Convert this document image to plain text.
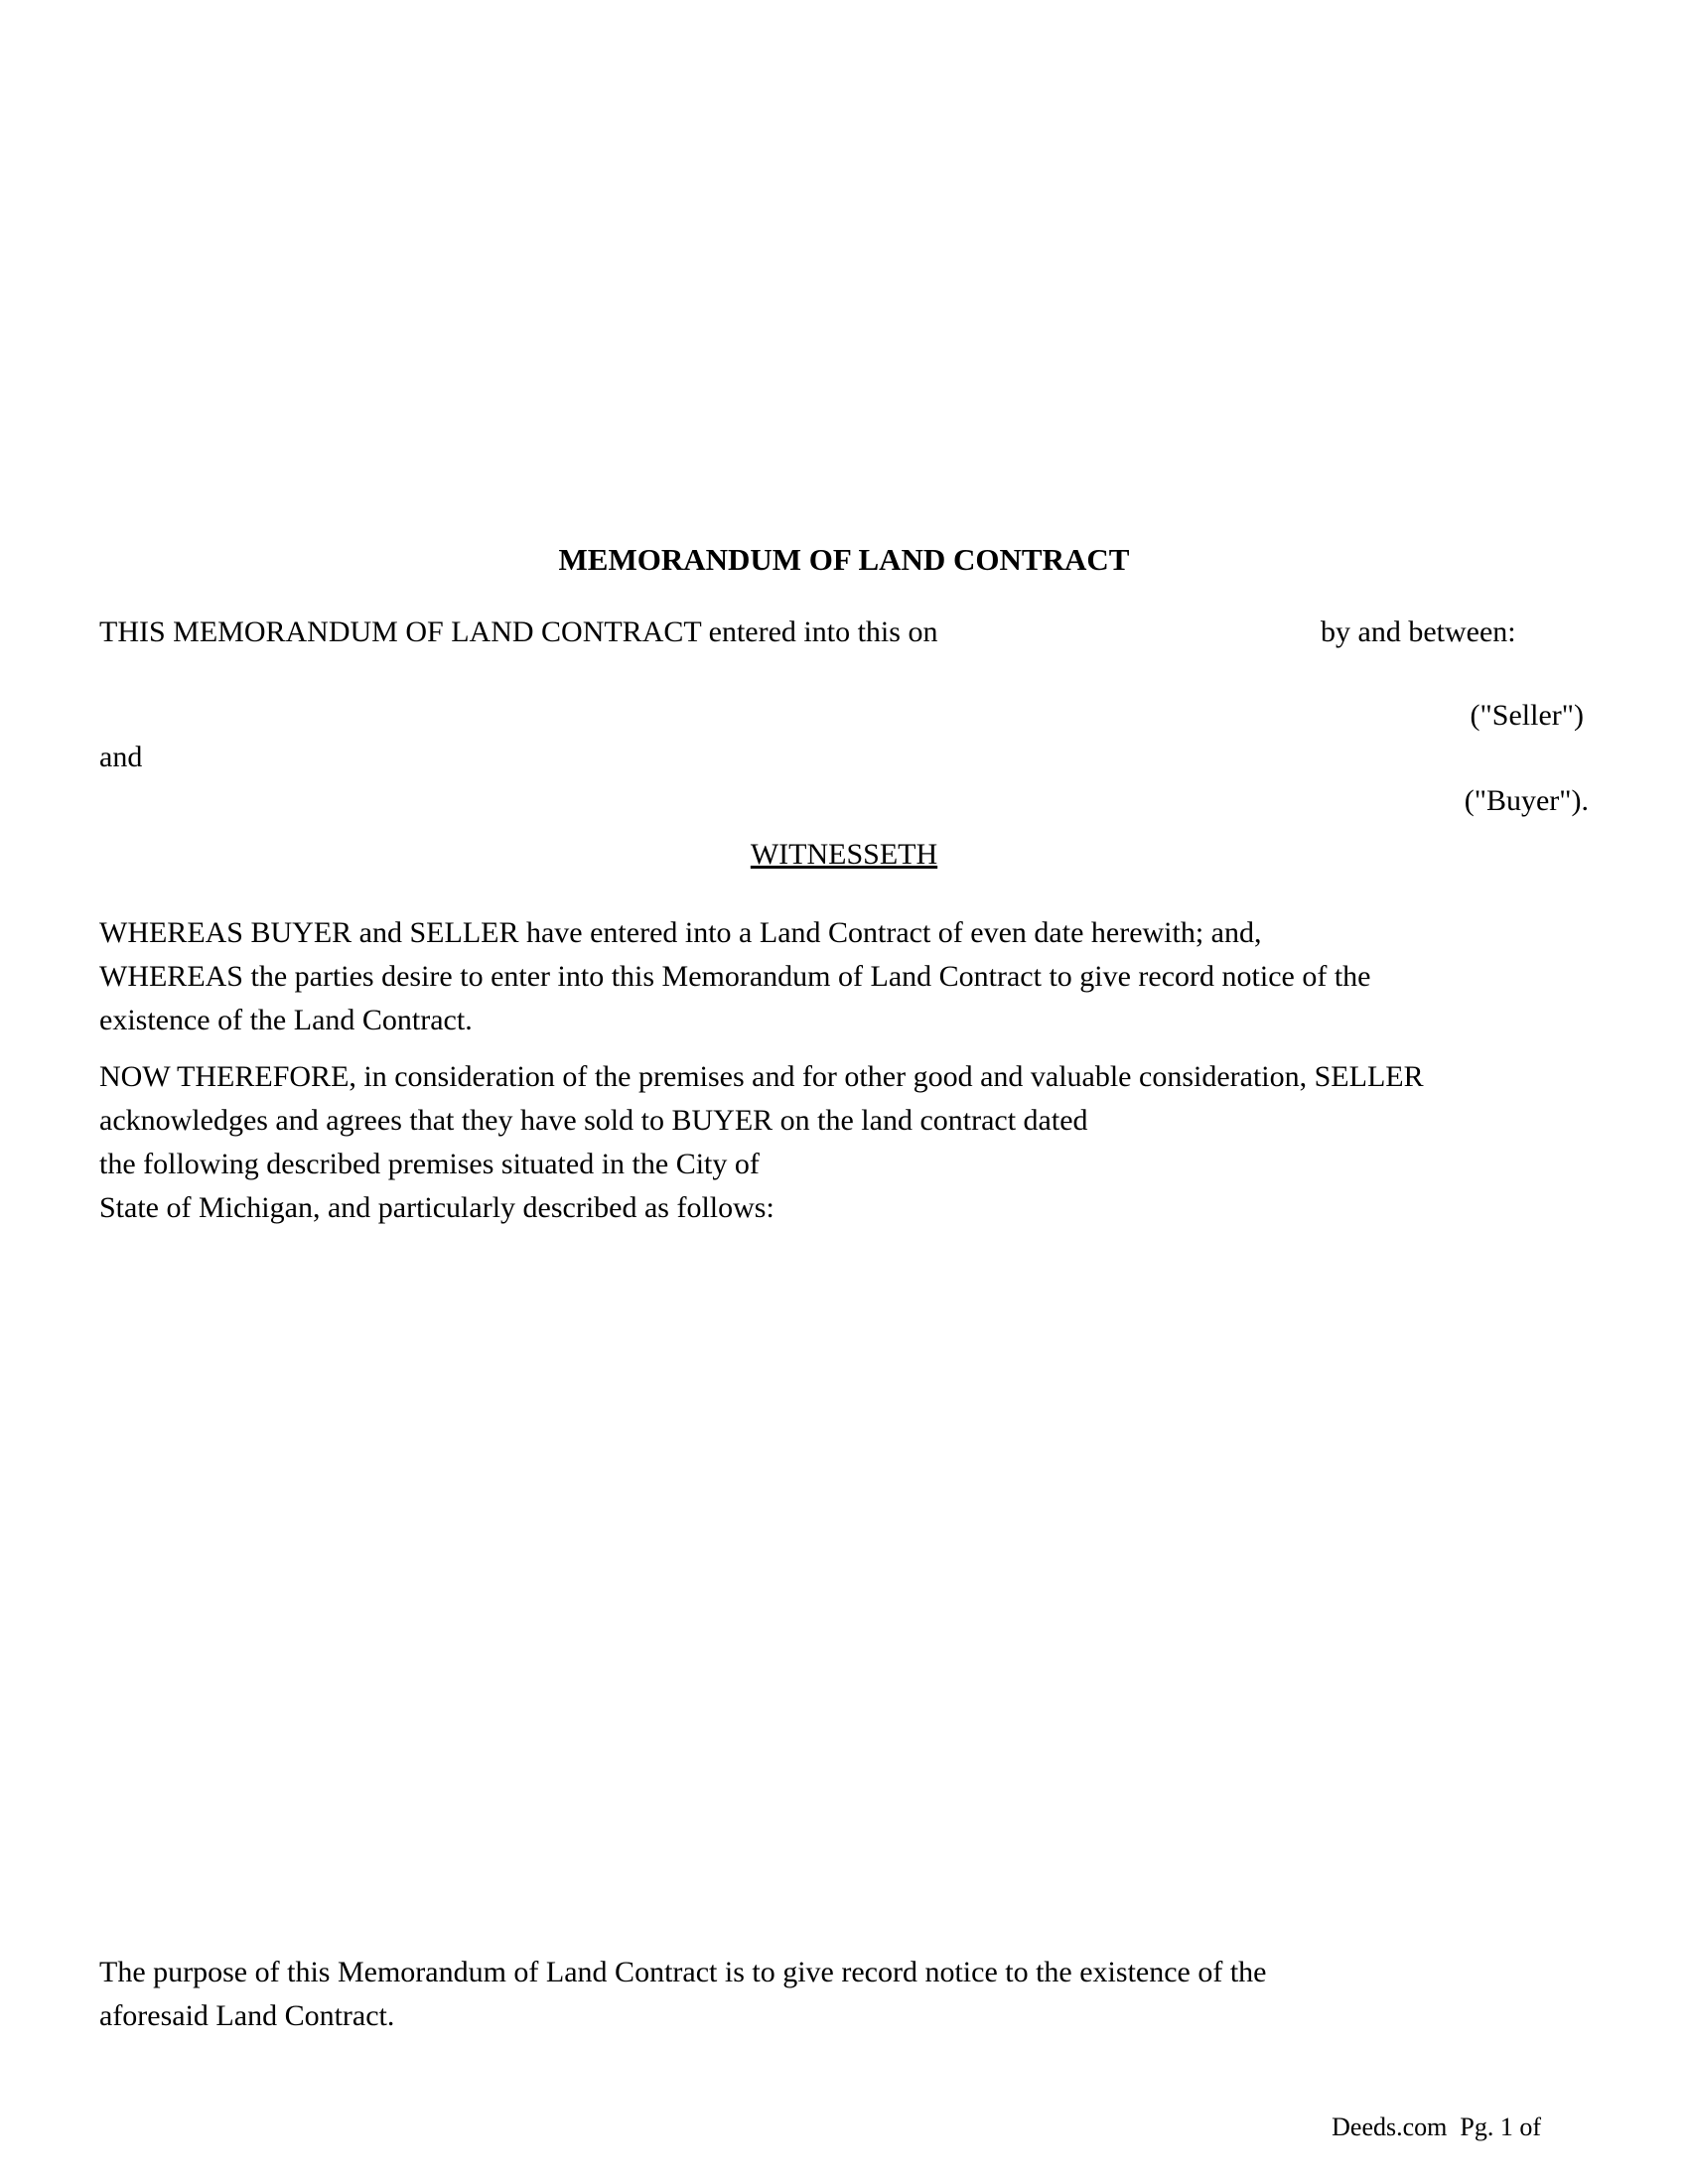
MEMORANDUM OF LAND CONTRACT
THIS MEMORANDUM OF LAND CONTRACT entered into this on	by and between:
("Seller")
and
("Buyer").
WITNESSETH
WHEREAS BUYER and SELLER have entered into a Land Contract of even date herewith; and,
WHEREAS the parties desire to enter into this Memorandum of Land Contract to give record notice of the
existence of the Land Contract.
NOW THEREFORE, in consideration of the premises and for other good and valuable consideration, SELLER
acknowledges and agrees that they have sold to BUYER on the land contract dated
the following described premises situated in the City of
State of Michigan, and particularly described as follows:
The purpose of this Memorandum of Land Contract is to give record notice to the existence of the
aforesaid Land Contract.
Deeds.com Pg. 1 of
